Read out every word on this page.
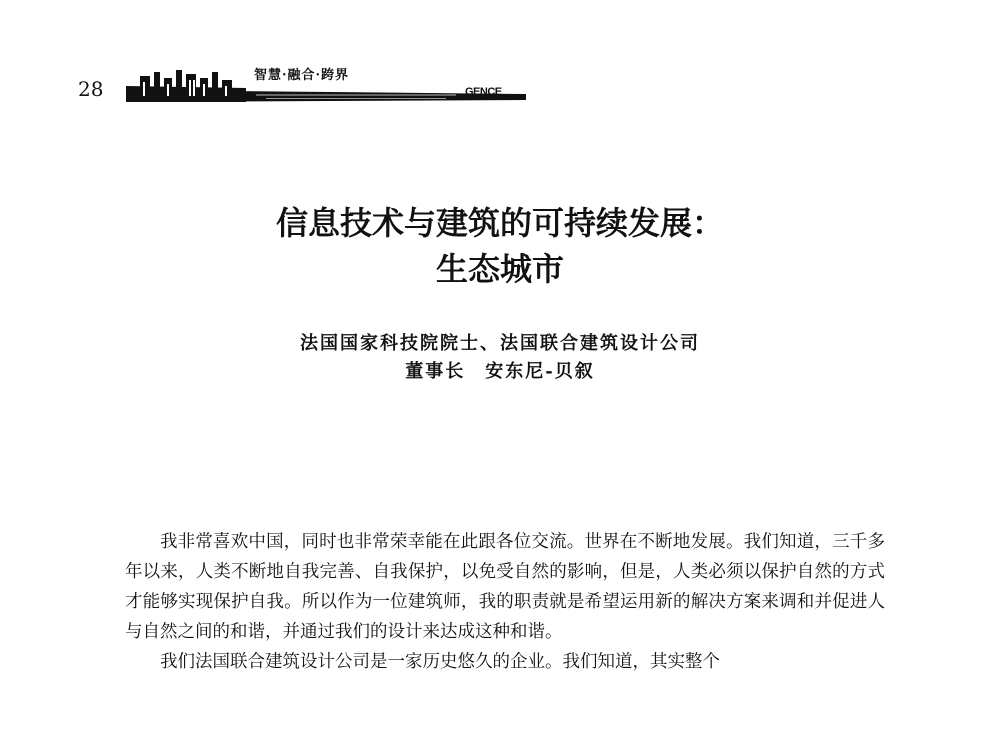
28
智慧·融合·跨界
GENCE
信息技术与建筑的可持续发展：
生态城市
法国国家科技院院士、法国联合建筑设计公司
董事长　安东尼-贝叙

我非常喜欢中国，同时也非常荣幸能在此跟各位交流。世界在不断地发展。我们知道，三千多年以来，人类不断地自我完善、自我保护，以免受自然的影响，但是，人类必须以保护自然的方式才能够实现保护自我。所以作为一位建筑师，我的职责就是希望运用新的解决方案来调和并促进人与自然之间的和谐，并通过我们的设计来达成这种和谐。

我们法国联合建筑设计公司是一家历史悠久的企业。我们知道，其实整个
